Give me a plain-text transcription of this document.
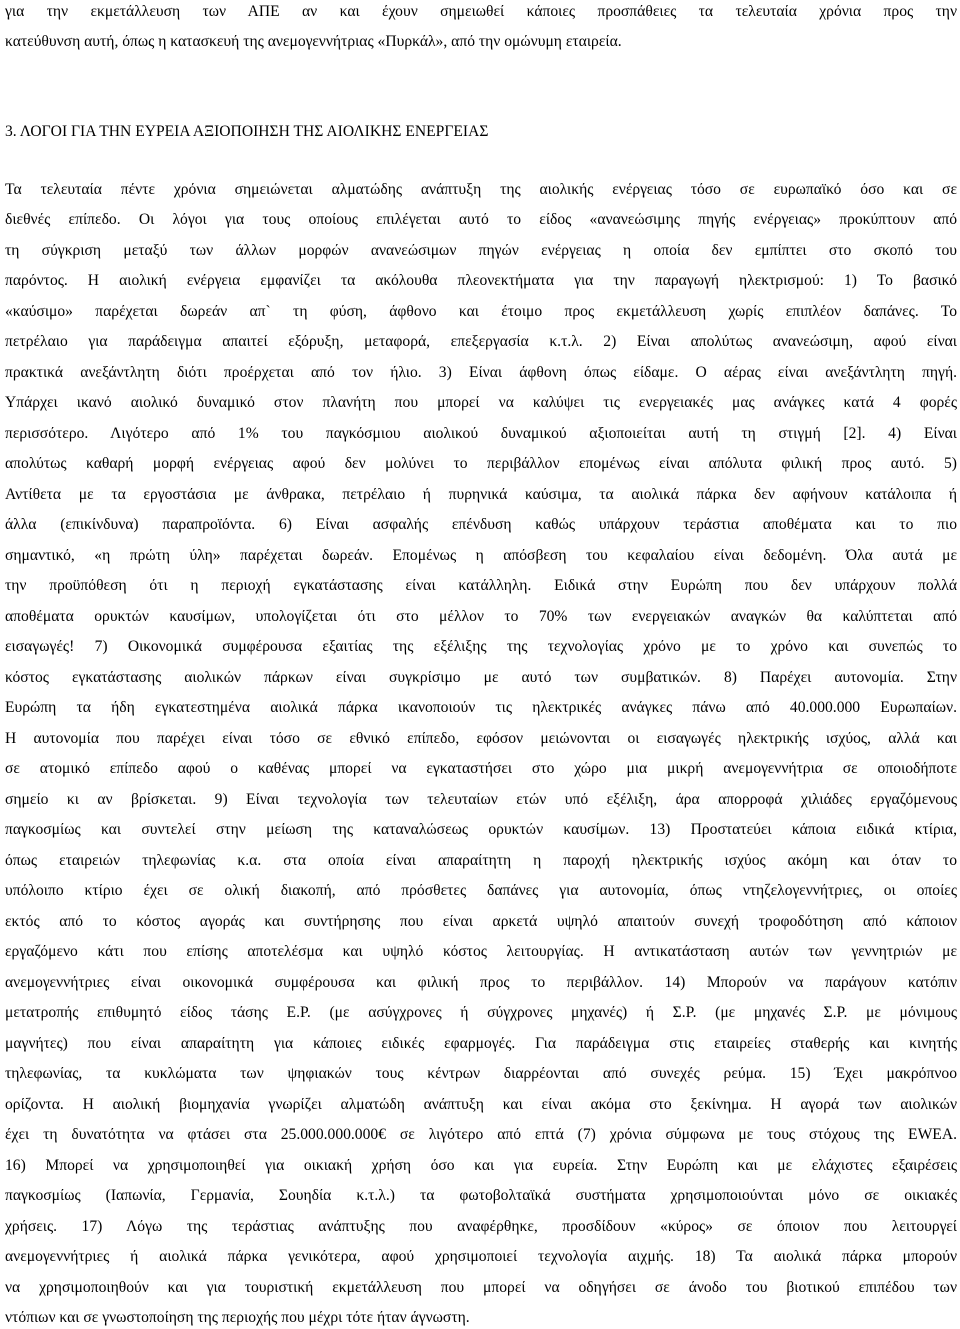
για την εκμετάλλευση των ΑΠΕ αν και έχουν σημειωθεί κάποιες προσπάθειες τα τελευταία χρόνια προς την
κατεύθυνση αυτή, όπως η κατασκευή της ανεμογεννήτριας «Πυρκάλ», από την ομώνυμη εταιρεία.
3. ΛΟΓΟΙ ΓΙΑ ΤΗΝ ΕΥΡΕΙΑ ΑΞΙΟΠΟΙΗΣΗ ΤΗΣ ΑΙΟΛΙΚΗΣ ΕΝΕΡΓΕΙΑΣ
Τα τελευταία πέντε χρόνια σημειώνεται αλματώδης ανάπτυξη της αιολικής ενέργειας τόσο σε ευρωπαϊκό όσο και σε
διεθνές επίπεδο. Οι λόγοι για τους οποίους επιλέγεται αυτό το είδος «ανανεώσιμης πηγής ενέργειας» προκύπτουν από
τη σύγκριση μεταξύ των άλλων μορφών ανανεώσιμων πηγών ενέργειας η οποία δεν εμπίπτει στο σκοπό του
παρόντος. Η αιολική ενέργεια εμφανίζει τα ακόλουθα πλεονεκτήματα για την παραγωγή ηλεκτρισμού: 1) Το βασικό
«καύσιμο» παρέχεται δωρεάν απ` τη φύση, άφθονο και έτοιμο προς εκμετάλλευση χωρίς επιπλέον δαπάνες. Το
πετρέλαιο για παράδειγμα απαιτεί εξόρυξη, μεταφορά, επεξεργασία κ.τ.λ. 2) Είναι απολύτως ανανεώσιμη, αφού είναι
πρακτικά ανεξάντλητη διότι προέρχεται από τον ήλιο. 3) Είναι άφθονη όπως είδαμε. Ο αέρας είναι ανεξάντλητη πηγή.
Υπάρχει ικανό αιολικό δυναμικό στον πλανήτη που μπορεί να καλύψει τις ενεργειακές μας ανάγκες κατά 4 φορές
περισσότερο. Λιγότερο από 1% του παγκόσμιου αιολικού δυναμικού αξιοποιείται αυτή τη στιγμή [2]. 4) Είναι
απολύτως καθαρή μορφή ενέργειας αφού δεν μολύνει το περιβάλλον επομένως είναι απόλυτα φιλική προς αυτό. 5)
Αντίθετα με τα εργοστάσια με άνθρακα, πετρέλαιο ή πυρηνικά καύσιμα, τα αιολικά πάρκα δεν αφήνουν κατάλοιπα ή
άλλα (επικίνδυνα) παραπροϊόντα. 6) Είναι ασφαλής επένδυση καθώς υπάρχουν τεράστια αποθέματα και το πιο
σημαντικό, «η πρώτη ύλη» παρέχεται δωρεάν. Επομένως η απόσβεση του κεφαλαίου είναι δεδομένη. Όλα αυτά με
την προϋπόθεση ότι η περιοχή εγκατάστασης είναι κατάλληλη. Ειδικά στην Ευρώπη που δεν υπάρχουν πολλά
αποθέματα ορυκτών καυσίμων, υπολογίζεται ότι στο μέλλον το 70% των ενεργειακών αναγκών θα καλύπτεται από
εισαγωγές! 7) Οικονομικά συμφέρουσα εξαιτίας της εξέλιξης της τεχνολογίας χρόνο με το χρόνο και συνεπώς το
κόστος εγκατάστασης αιολικών πάρκων είναι συγκρίσιμο με αυτό των συμβατικών. 8) Παρέχει αυτονομία. Στην
Ευρώπη τα ήδη εγκατεστημένα αιολικά πάρκα ικανοποιούν τις ηλεκτρικές ανάγκες πάνω από 40.000.000 Ευρωπαίων.
Η αυτονομία που παρέχει είναι τόσο σε εθνικό επίπεδο, εφόσον μειώνονται οι εισαγωγές ηλεκτρικής ισχύος, αλλά και
σε ατομικό επίπεδο αφού ο καθένας μπορεί να εγκαταστήσει στο χώρο μια μικρή ανεμογεννήτρια σε οποιοδήποτε
σημείο κι αν βρίσκεται. 9) Είναι τεχνολογία των τελευταίων ετών υπό εξέλιξη, άρα απορροφά χιλιάδες εργαζόμενους
παγκοσμίως και συντελεί στην μείωση της καταναλώσεως ορυκτών καυσίμων. 13) Προστατεύει κάποια ειδικά κτίρια,
όπως εταιρειών τηλεφωνίας κ.α. στα οποία είναι απαραίτητη η παροχή ηλεκτρικής ισχύος ακόμη και όταν το
υπόλοιπο κτίριο έχει σε ολική διακοπή, από πρόσθετες δαπάνες για αυτονομία, όπως ντηζελογεννήτριες, οι οποίες
εκτός από το κόστος αγοράς και συντήρησης που είναι αρκετά υψηλό απαιτούν συνεχή τροφοδότηση από κάποιον
εργαζόμενο κάτι που επίσης αποτελέσμα και υψηλό κόστος λειτουργίας. Η αντικατάσταση αυτών των γεννητριών με
ανεμογεννήτριες είναι οικονομικά συμφέρουσα και φιλική προς το περιβάλλον. 14) Μπορούν να παράγουν κατόπιν
μετατροπής επιθυμητό είδος τάσης Ε.Ρ. (με ασύγχρονες ή σύγχρονες μηχανές) ή Σ.Ρ. (με μηχανές Σ.Ρ. με μόνιμους
μαγνήτες) που είναι απαραίτητη για κάποιες ειδικές εφαρμογές. Για παράδειγμα στις εταιρείες σταθερής και κινητής
τηλεφωνίας, τα κυκλώματα των ψηφιακών τους κέντρων διαρρέονται από συνεχές ρεύμα. 15) Έχει μακρόπνοο
ορίζοντα. Η αιολική βιομηχανία γνωρίζει αλματώδη ανάπτυξη και είναι ακόμα στο ξεκίνημα. Η αγορά των αιολικών
έχει τη δυνατότητα να φτάσει στα 25.000.000.000€ σε λιγότερο από επτά (7) χρόνια σύμφωνα με τους στόχους της EWEA.
16) Μπορεί να χρησιμοποιηθεί για οικιακή χρήση όσο και για ευρεία. Στην Ευρώπη και με ελάχιστες εξαιρέσεις
παγκοσμίως (Ιαπωνία, Γερμανία, Σουηδία κ.τ.λ.) τα φωτοβολταϊκά συστήματα χρησιμοποιούνται μόνο σε οικιακές
χρήσεις. 17) Λόγω της τεράστιας ανάπτυξης που αναφέρθηκε, προσδίδουν «κύρος» σε όποιον που λειτουργεί
ανεμογεννήτριες ή αιολικά πάρκα γενικότερα, αφού χρησιμοποιεί τεχνολογία αιχμής. 18) Τα αιολικά πάρκα μπορούν
να χρησιμοποιηθούν και για τουριστική εκμετάλλευση που μπορεί να οδηγήσει σε άνοδο του βιοτικού επιπέδου των
ντόπιων και σε γνωστοποίηση της περιοχής που μέχρι τότε ήταν άγνωστη.
